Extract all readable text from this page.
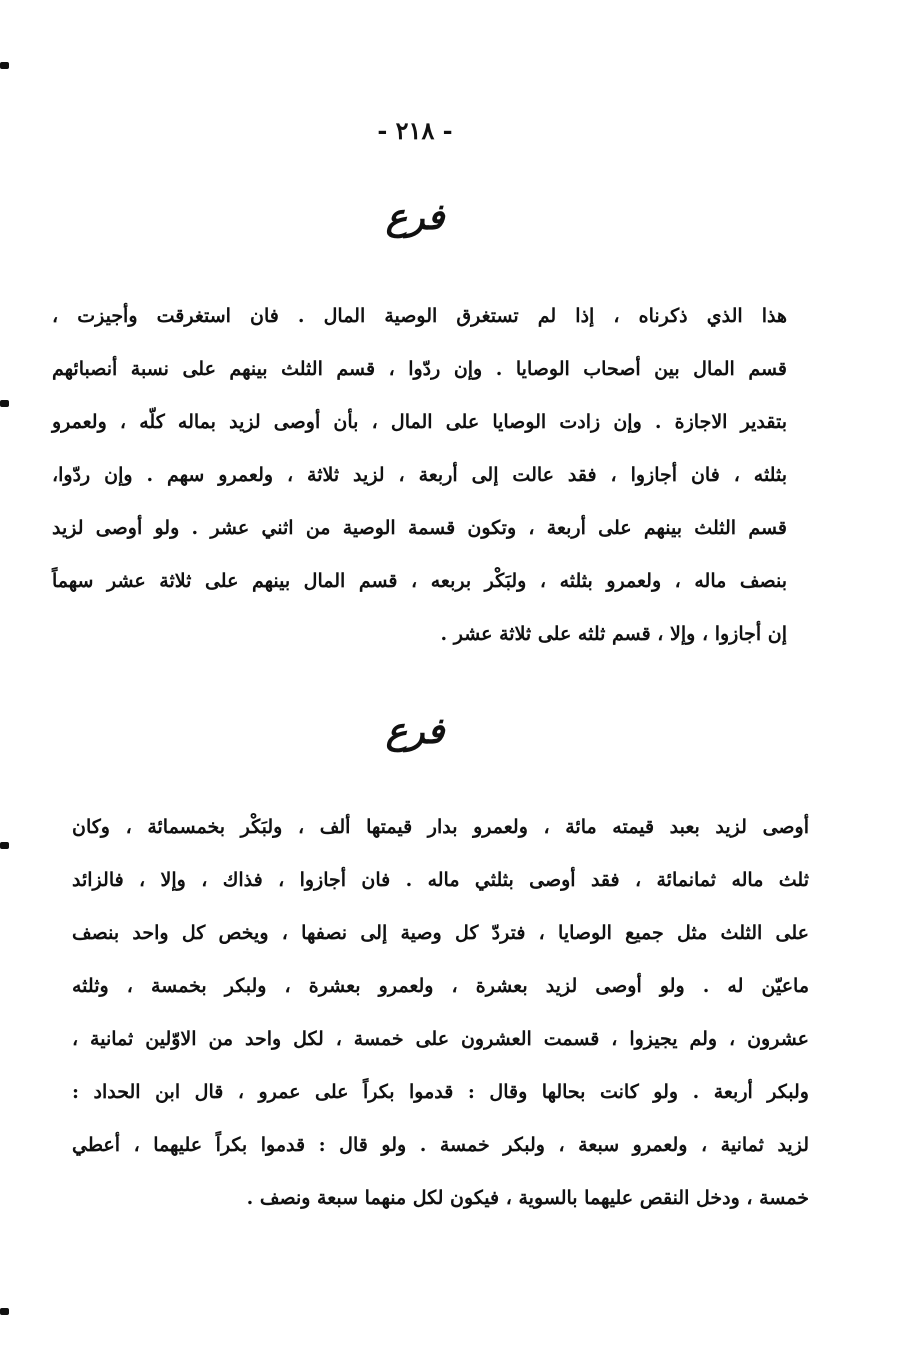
- ٢١٨ -
فرع

هذا الذي ذكرناه ، إذا لم تستغرق الوصية المال . فان استغرقت وأجيزت ،
قسم المال بين أصحاب الوصايا . وإن ردّوا ، قسم الثلث بينهم على نسبة أنصبائهم
بتقدير الاجازة . وإن زادت الوصايا على المال ، بأن أوصى لزيد بماله كلّه ، ولعمرو
بثلثه ، فان أجازوا ، فقد عالت إلى أربعة ، لزيد ثلاثة ، ولعمرو سهم . وإن ردّوا،
قسم الثلث بينهم على أربعة ، وتكون قسمة الوصية من اثني عشر . ولو أوصى لزيد
بنصف ماله ، ولعمرو بثلثه ، ولبَكْر بربعه ، قسم المال بينهم على ثلاثة عشر سهماً
إن أجازوا ، وإلا ، قسم ثلثه على ثلاثة عشر .

فرع

أوصى لزيد بعبد قيمته مائة ، ولعمرو بدار قيمتها ألف ، ولبَكْر بخمسمائة ، وكان
ثلث ماله ثمانمائة ، فقد أوصى بثلثي ماله . فان أجازوا ، فذاك ، وإلا ، فالزائد
على الثلث مثل جميع الوصايا ، فتردّ كل وصية إلى نصفها ، ويخص كل واحد بنصف
ماعيّن له . ولو أوصى لزيد بعشرة ، ولعمرو بعشرة ، ولبكر بخمسة ، وثلثه
عشرون ، ولم يجيزوا ، قسمت العشرون على خمسة ، لكل واحد من الاوّلين ثمانية ،
ولبكر أربعة . ولو كانت بحالها وقال : قدموا بكراً على عمرو ، قال ابن الحداد :
لزيد ثمانية ، ولعمرو سبعة ، ولبكر خمسة . ولو قال : قدموا بكراً عليهما ، أعطي
خمسة ، ودخل النقص عليهما بالسوية ، فيكون لكل منهما سبعة ونصف .
